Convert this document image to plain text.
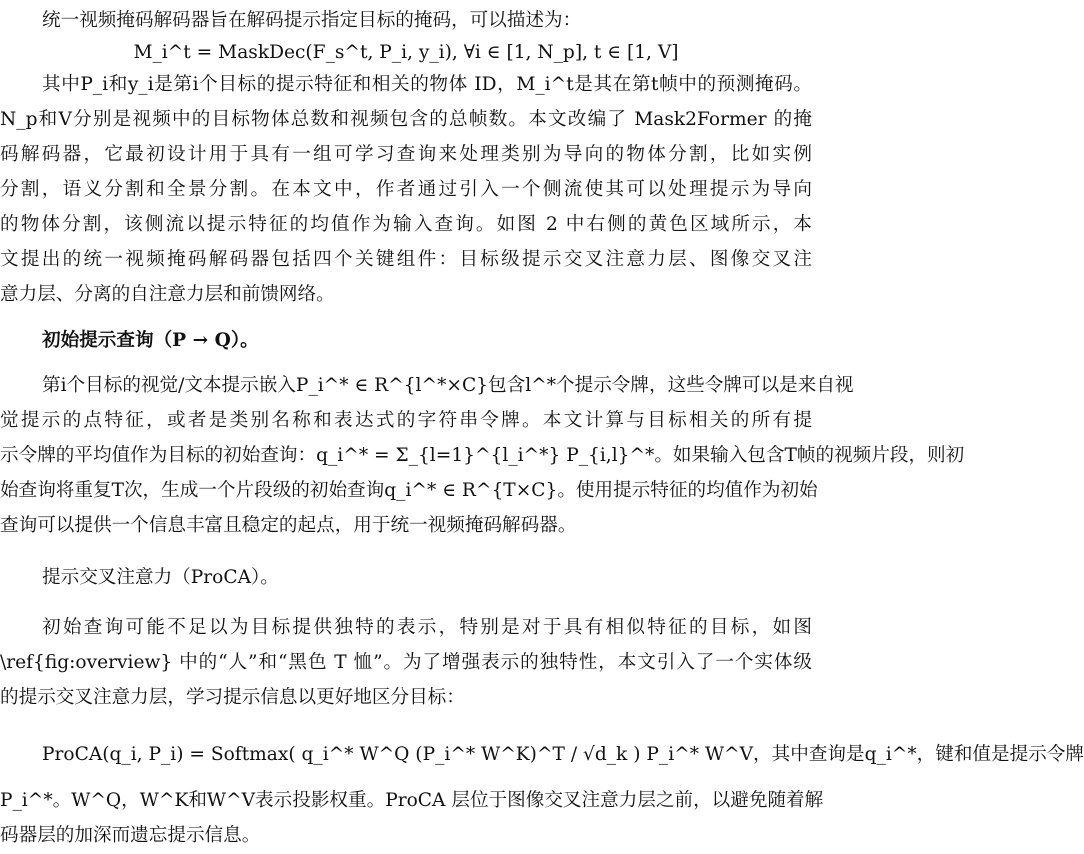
统一视频掩码解码器旨在解码提示指定目标的掩码，可以描述为：
M_i^t = MaskDec(F_s^t, P_i, y_i), ∀i ∈ [1, N_p], t ∈ [1, V]
其中P_i和y_i是第i个目标的提示特征和相关的物体 ID，M_i^t是其在第t帧中的预测掩码。
N_p和V分别是视频中的目标物体总数和视频包含的总帧数。本文改编了 Mask2Former 的掩
码解码器，它最初设计用于具有一组可学习查询来处理类别为导向的物体分割，比如实例
分割，语义分割和全景分割。在本文中，作者通过引入一个侧流使其可以处理提示为导向
的物体分割，该侧流以提示特征的均值作为输入查询。如图 2 中右侧的黄色区域所示，本
文提出的统一视频掩码解码器包括四个关键组件：目标级提示交叉注意力层、图像交叉注
意力层、分离的自注意力层和前馈网络。
初始提示查询（P → Q）。
第i个目标的视觉/文本提示嵌入P_i^* ∈ R^{l^*×C}包含l^*个提示令牌，这些令牌可以是来自视
觉提示的点特征，或者是类别名称和表达式的字符串令牌。本文计算与目标相关的所有提
示令牌的平均值作为目标的初始查询：q_i^* = Σ_{l=1}^{l_i^*} P_{i,l}^*。如果输入包含T帧的视频片段，则初
始查询将重复T次，生成一个片段级的初始查询q_i^* ∈ R^{T×C}。使用提示特征的均值作为初始
查询可以提供一个信息丰富且稳定的起点，用于统一视频掩码解码器。
提示交叉注意力（ProCA）。
初始查询可能不足以为目标提供独特的表示，特别是对于具有相似特征的目标，如图
\ref{fig:overview} 中的“人”和“黑色 T 恤”。为了增强表示的独特性，本文引入了一个实体级
的提示交叉注意力层，学习提示信息以更好地区分目标：
ProCA(q_i, P_i) = Softmax( q_i^* W^Q (P_i^* W^K)^T / √d_k ) P_i^* W^V，其中查询是q_i^*，键和值是提示令牌
P_i^*。W^Q，W^K和W^V表示投影权重。ProCA 层位于图像交叉注意力层之前，以避免随着解
码器层的加深而遗忘提示信息。
